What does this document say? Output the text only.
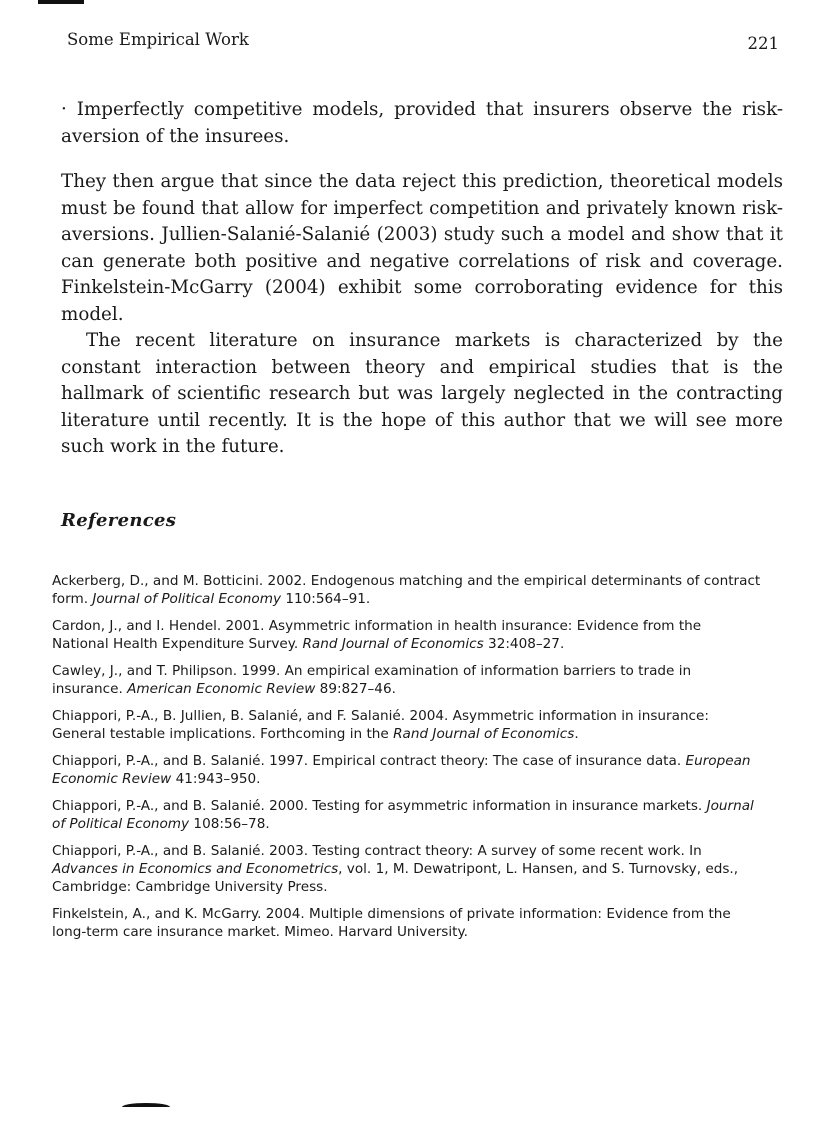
Some Empirical Work	221

· Imperfectly competitive models, provided that insurers observe the risk-aversion of the insurees.

They then argue that since the data reject this prediction, theoretical models must be found that allow for imperfect competition and privately known risk-aversions. Jullien-Salanié-Salanié (2003) study such a model and show that it can generate both positive and negative correlations of risk and coverage. Finkelstein-McGarry (2004) exhibit some corroborating evidence for this model.

The recent literature on insurance markets is characterized by the constant interaction between theory and empirical studies that is the hallmark of scientific research but was largely neglected in the contracting literature until recently. It is the hope of this author that we will see more such work in the future.

References

Ackerberg, D., and M. Botticini. 2002. Endogenous matching and the empirical determinants of contract form. Journal of Political Economy 110:564–91.

Cardon, J., and I. Hendel. 2001. Asymmetric information in health insurance: Evidence from the National Health Expenditure Survey. Rand Journal of Economics 32:408–27.

Cawley, J., and T. Philipson. 1999. An empirical examination of information barriers to trade in insurance. American Economic Review 89:827–46.

Chiappori, P.-A., B. Jullien, B. Salanié, and F. Salanié. 2004. Asymmetric information in insurance: General testable implications. Forthcoming in the Rand Journal of Economics.

Chiappori, P.-A., and B. Salanié. 1997. Empirical contract theory: The case of insurance data. European Economic Review 41:943–950.

Chiappori, P.-A., and B. Salanié. 2000. Testing for asymmetric information in insurance markets. Journal of Political Economy 108:56–78.

Chiappori, P.-A., and B. Salanié. 2003. Testing contract theory: A survey of some recent work. In Advances in Economics and Econometrics, vol. 1, M. Dewatripont, L. Hansen, and S. Turnovsky, eds., Cambridge: Cambridge University Press.

Finkelstein, A., and K. McGarry. 2004. Multiple dimensions of private information: Evidence from the long-term care insurance market. Mimeo. Harvard University.
